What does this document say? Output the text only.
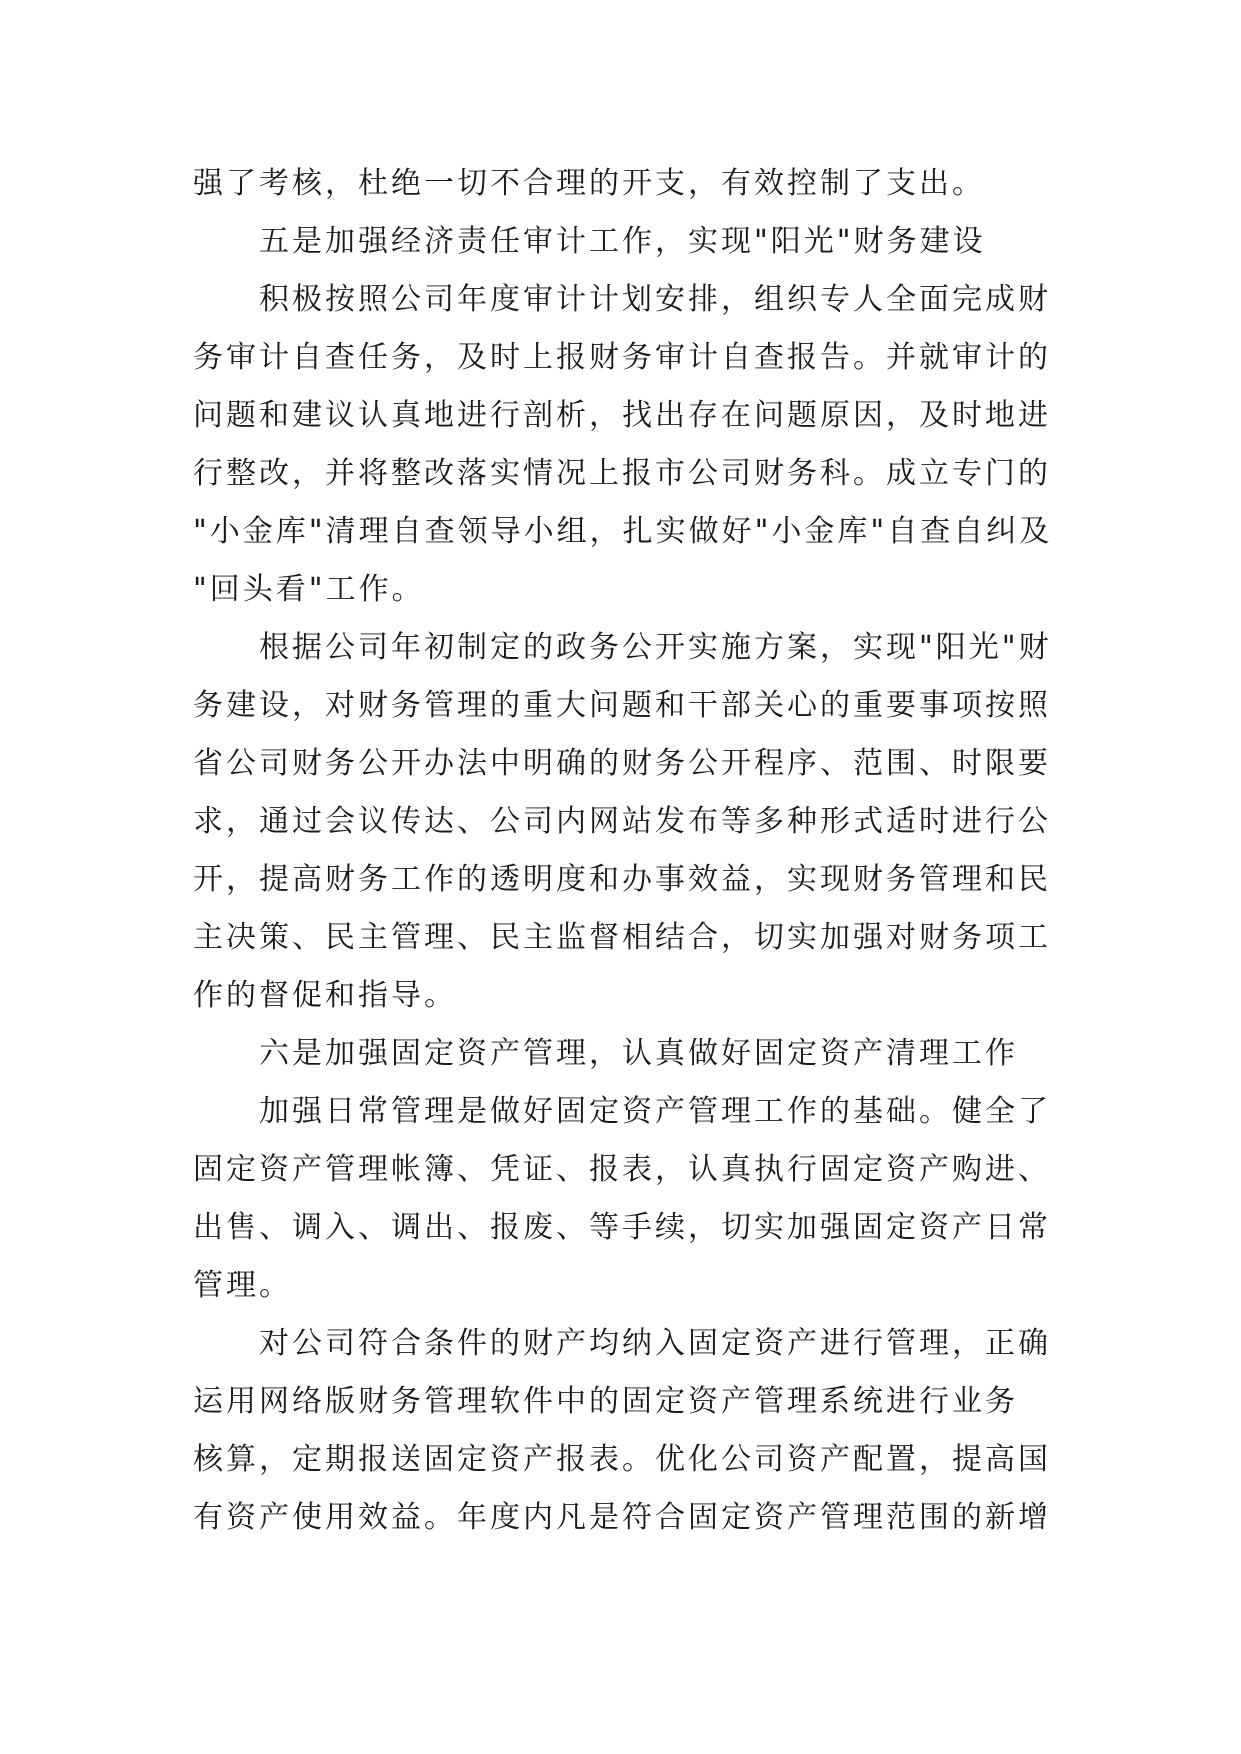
强了考核，杜绝一切不合理的开支，有效控制了支出。
五是加强经济责任审计工作，实现"阳光"财务建设
积极按照公司年度审计计划安排，组织专人全面完成财
务审计自查任务，及时上报财务审计自查报告。并就审计的
问题和建议认真地进行剖析，找出存在问题原因，及时地进
行整改，并将整改落实情况上报市公司财务科。成立专门的
"小金库"清理自查领导小组，扎实做好"小金库"自查自纠及
"回头看"工作。
根据公司年初制定的政务公开实施方案，实现"阳光"财
务建设，对财务管理的重大问题和干部关心的重要事项按照
省公司财务公开办法中明确的财务公开程序、范围、时限要
求，通过会议传达、公司内网站发布等多种形式适时进行公
开，提高财务工作的透明度和办事效益，实现财务管理和民
主决策、民主管理、民主监督相结合，切实加强对财务项工
作的督促和指导。
六是加强固定资产管理，认真做好固定资产清理工作
加强日常管理是做好固定资产管理工作的基础。健全了
固定资产管理帐簿、凭证、报表，认真执行固定资产购进、
出售、调入、调出、报废、等手续，切实加强固定资产日常
管理。
对公司符合条件的财产均纳入固定资产进行管理，正确
运用网络版财务管理软件中的固定资产管理系统进行业务
核算，定期报送固定资产报表。优化公司资产配置，提高国
有资产使用效益。年度内凡是符合固定资产管理范围的新增
